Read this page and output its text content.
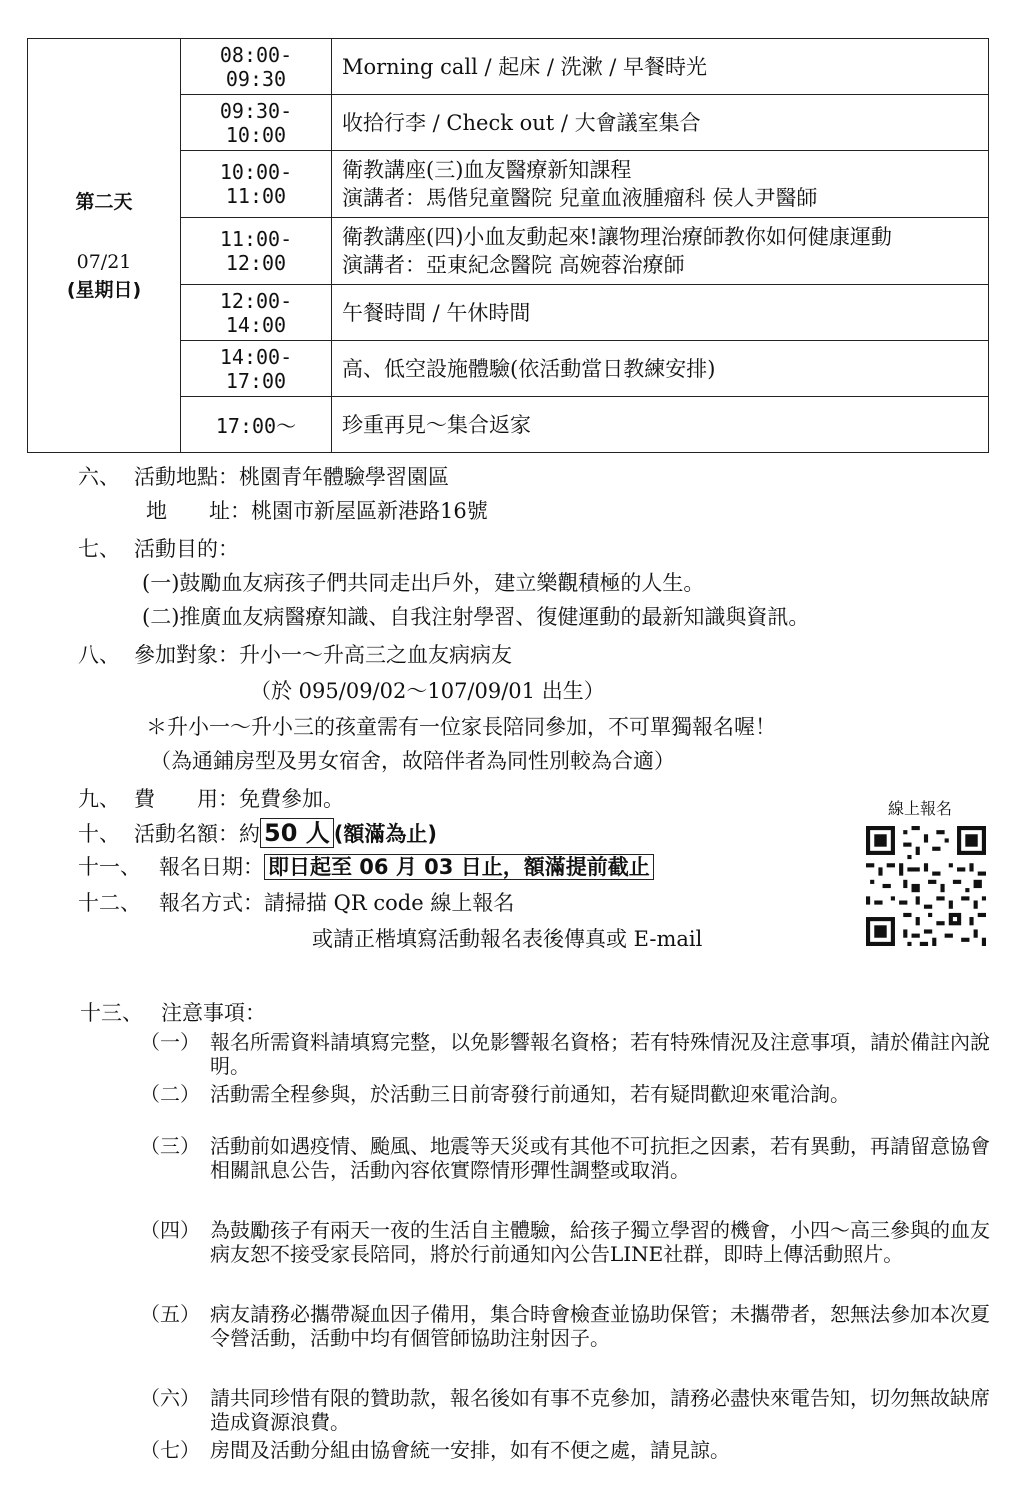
第二天
07/21
(星期日)	08:00-09:30	Morning call / 起床 / 洗漱 / 早餐時光

	09:30-10:00	收拾行李 / Check out / 大會議室集合

	10:00-11:00	衛教講座(三)血友醫療新知課程
演講者：馬偕兒童醫院 兒童血液腫瘤科 侯人尹醫師

	11:00-12:00	衛教講座(四)小血友動起來!讓物理治療師教你如何健康運動
演講者：亞東紀念醫院 高婉蓉治療師

	12:00-14:00	午餐時間 / 午休時間

	14:00-17:00	高、低空設施體驗(依活動當日教練安排)

	17:00～	珍重再見～集合返家
六、 活動地點：桃園青年體驗學習園區
地　　址：桃園市新屋區新港路16號
七、 活動目的：
(一)鼓勵血友病孩子們共同走出戶外，建立樂觀積極的人生。
(二)推廣血友病醫療知識、自我注射學習、復健運動的最新知識與資訊。
八、 參加對象：升小一～升高三之血友病病友
（於 095/09/02～107/09/01 出生）
＊升小一～升小三的孩童需有一位家長陪同參加，不可單獨報名喔！
（為通鋪房型及男女宿舍，故陪伴者為同性別較為合適）
九、 費　　用：免費參加。
十、 活動名額：約 50 人 (額滿為止)
十一、 報名日期： 即日起至 06 月 03 日止，額滿提前截止
十二、 報名方式：請掃描 QR code 線上報名
或請正楷填寫活動報名表後傳真或 E-mail
線上報名
十三、 注意事項：
（一） 報名所需資料請填寫完整，以免影響報名資格；若有特殊情況及注意事項，請於備註內說明。
（二） 活動需全程參與，於活動三日前寄發行前通知，若有疑問歡迎來電洽詢。
（三） 活動前如遇疫情、颱風、地震等天災或有其他不可抗拒之因素，若有異動，再請留意協會相關訊息公告，活動內容依實際情形彈性調整或取消。
（四） 為鼓勵孩子有兩天一夜的生活自主體驗，給孩子獨立學習的機會，小四～高三參與的血友病友恕不接受家長陪同，將於行前通知內公告LINE社群，即時上傳活動照片。
（五） 病友請務必攜帶凝血因子備用，集合時會檢查並協助保管；未攜帶者，恕無法參加本次夏令營活動，活動中均有個管師協助注射因子。
（六） 請共同珍惜有限的贊助款，報名後如有事不克參加，請務必盡快來電告知，切勿無故缺席造成資源浪費。
（七） 房間及活動分組由協會統一安排，如有不便之處，請見諒。
